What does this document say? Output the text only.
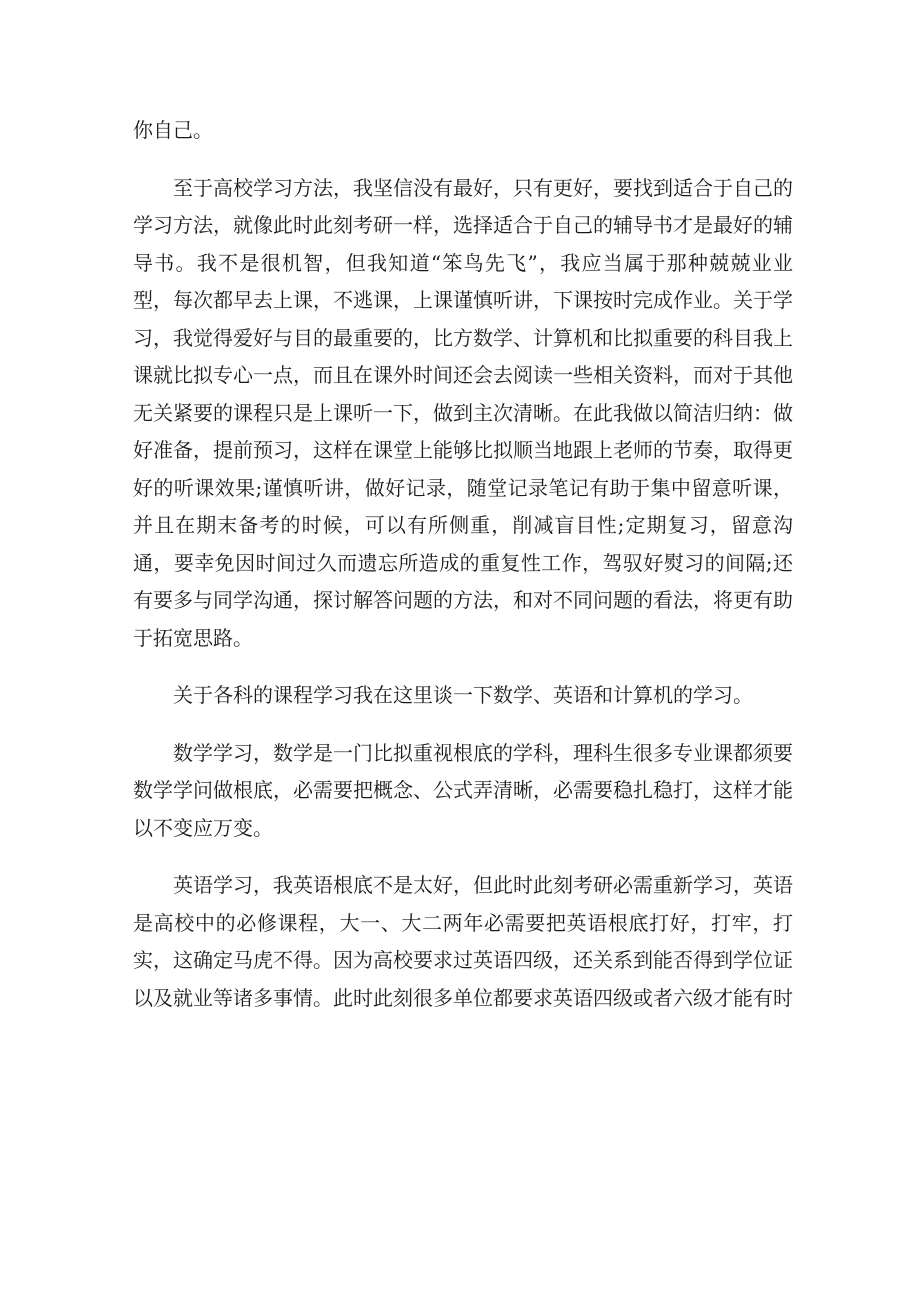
你自己。

至于高校学习方法，我坚信没有最好，只有更好，要找到适合于自己的学习方法，就像此时此刻考研一样，选择适合于自己的辅导书才是最好的辅导书。我不是很机智，但我知道“笨鸟先飞”，我应当属于那种兢兢业业型，每次都早去上课，不逃课，上课谨慎听讲，下课按时完成作业。关于学习，我觉得爱好与目的最重要的，比方数学、计算机和比拟重要的科目我上课就比拟专心一点，而且在课外时间还会去阅读一些相关资料，而对于其他无关紧要的课程只是上课听一下，做到主次清晰。在此我做以简洁归纳：做好准备，提前预习，这样在课堂上能够比拟顺当地跟上老师的节奏，取得更好的听课效果;谨慎听讲，做好记录，随堂记录笔记有助于集中留意听课，并且在期末备考的时候，可以有所侧重，削减盲目性;定期复习，留意沟通，要幸免因时间过久而遗忘所造成的重复性工作，驾驭好熨习的间隔;还有要多与同学沟通，探讨解答问题的方法，和对不同问题的看法，将更有助于拓宽思路。

关于各科的课程学习我在这里谈一下数学、英语和计算机的学习。

数学学习，数学是一门比拟重视根底的学科，理科生很多专业课都须要数学学问做根底，必需要把概念、公式弄清晰，必需要稳扎稳打，这样才能以不变应万变。

英语学习，我英语根底不是太好，但此时此刻考研必需重新学习，英语是高校中的必修课程，大一、大二两年必需要把英语根底打好，打牢，打实，这确定马虎不得。因为高校要求过英语四级，还关系到能否得到学位证以及就业等诸多事情。此时此刻很多单位都要求英语四级或者六级才能有时
